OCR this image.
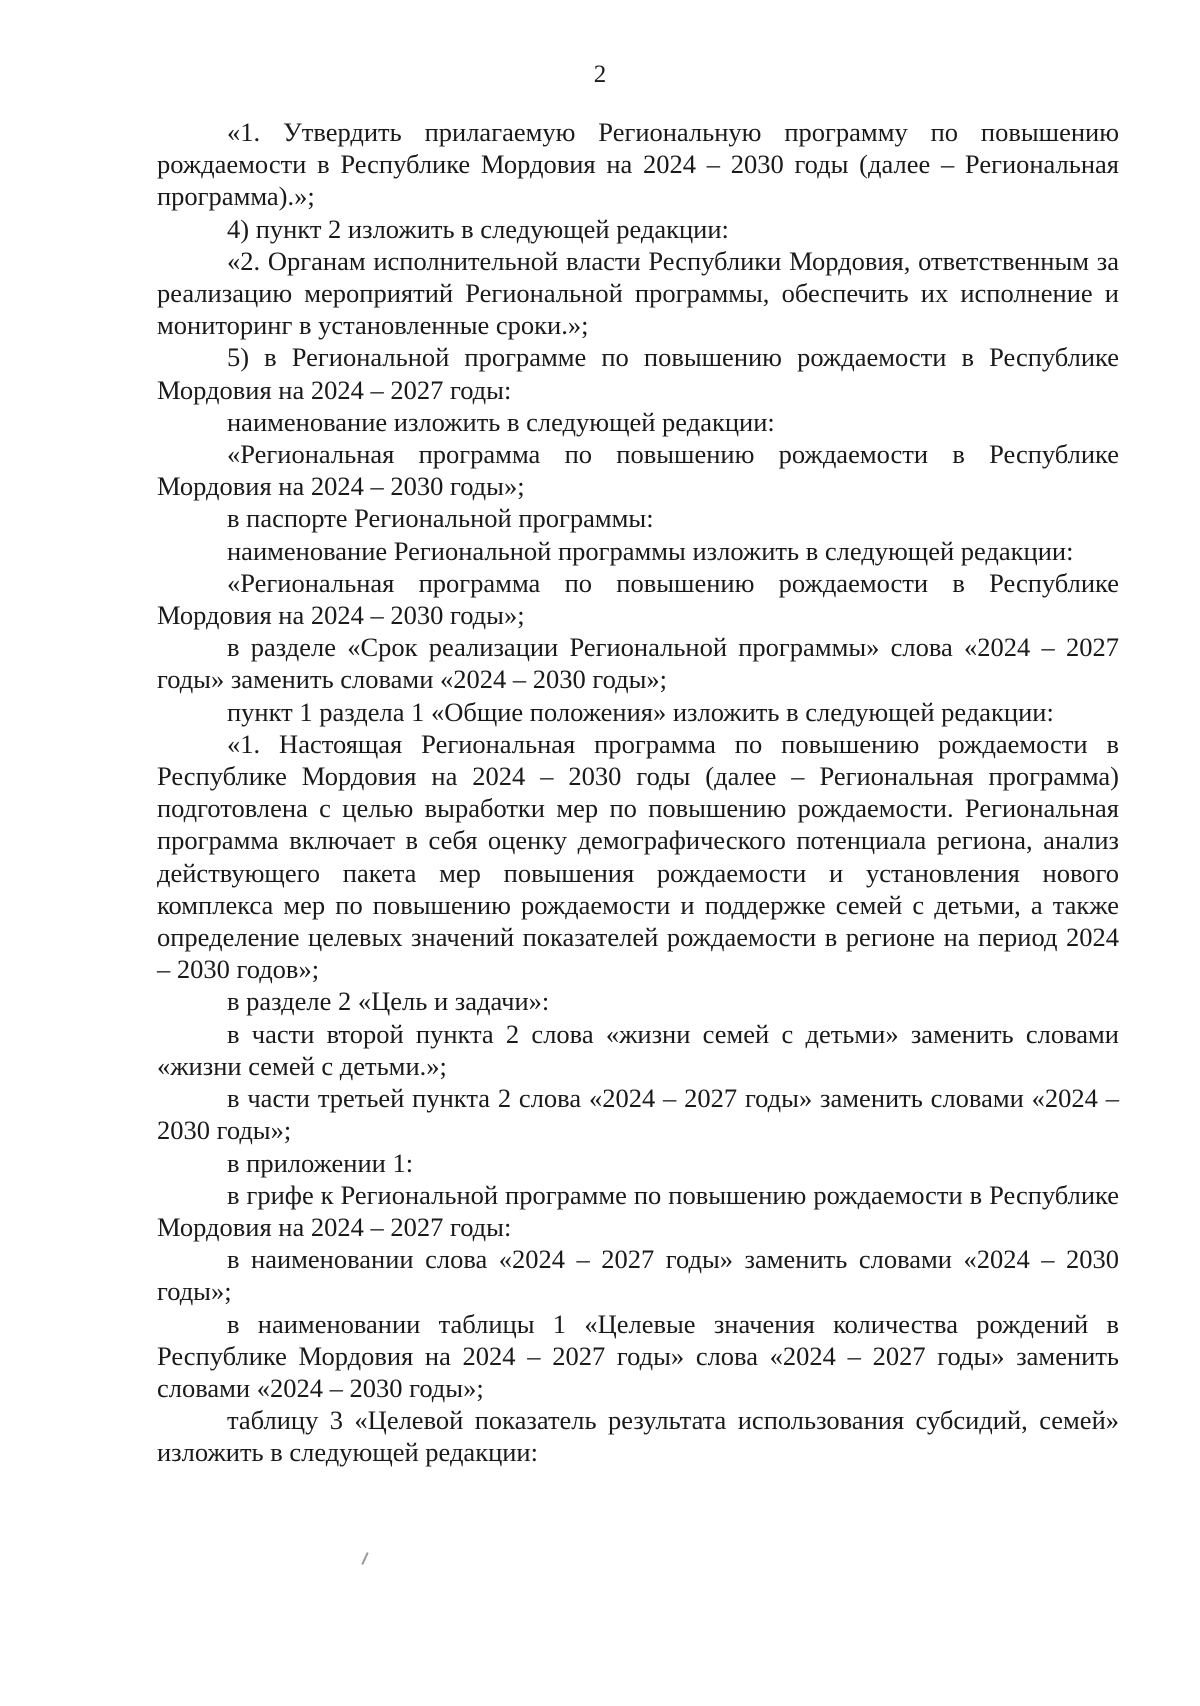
2

«1. Утвердить прилагаемую Региональную программу по повышению рождаемости в Республике Мордовия на 2024 – 2030 годы (далее – Региональная программа).»;

4) пункт 2 изложить в следующей редакции:

«2. Органам исполнительной власти Республики Мордовия, ответственным за реализацию мероприятий Региональной программы, обеспечить их исполнение и мониторинг в установленные сроки.»;

5) в Региональной программе по повышению рождаемости в Республике Мордовия на 2024 – 2027 годы:

наименование изложить в следующей редакции:

«Региональная программа по повышению рождаемости в Республике Мордовия на 2024 – 2030 годы»;

в паспорте Региональной программы:

наименование Региональной программы изложить в следующей редакции:

«Региональная программа по повышению рождаемости в Республике Мордовия на 2024 – 2030 годы»;

в разделе «Срок реализации Региональной программы» слова «2024 – 2027 годы» заменить словами «2024 – 2030 годы»;

пункт 1 раздела 1 «Общие положения» изложить в следующей редакции:

«1. Настоящая Региональная программа по повышению рождаемости в Республике Мордовия на 2024 – 2030 годы (далее – Региональная программа) подготовлена с целью выработки мер по повышению рождаемости. Региональная программа включает в себя оценку демографического потенциала региона, анализ действующего пакета мер повышения рождаемости и установления нового комплекса мер по повышению рождаемости и поддержке семей с детьми, а также определение целевых значений показателей рождаемости в регионе на период 2024 – 2030 годов»;

в разделе 2 «Цель и задачи»:

в части второй пункта 2 слова «жизни семей с детьми» заменить словами «жизни семей с детьми.»;

в части третьей пункта 2 слова «2024 – 2027 годы» заменить словами «2024 – 2030 годы»;

в приложении 1:

в грифе к Региональной программе по повышению рождаемости в Республике Мордовия на 2024 – 2027 годы:

в наименовании слова «2024 – 2027 годы» заменить словами «2024 – 2030 годы»;

в наименовании таблицы 1 «Целевые значения количества рождений в Республике Мордовия на 2024 – 2027 годы» слова «2024 – 2027 годы» заменить словами «2024 – 2030 годы»;

таблицу 3 «Целевой показатель результата использования субсидий, семей» изложить в следующей редакции:
